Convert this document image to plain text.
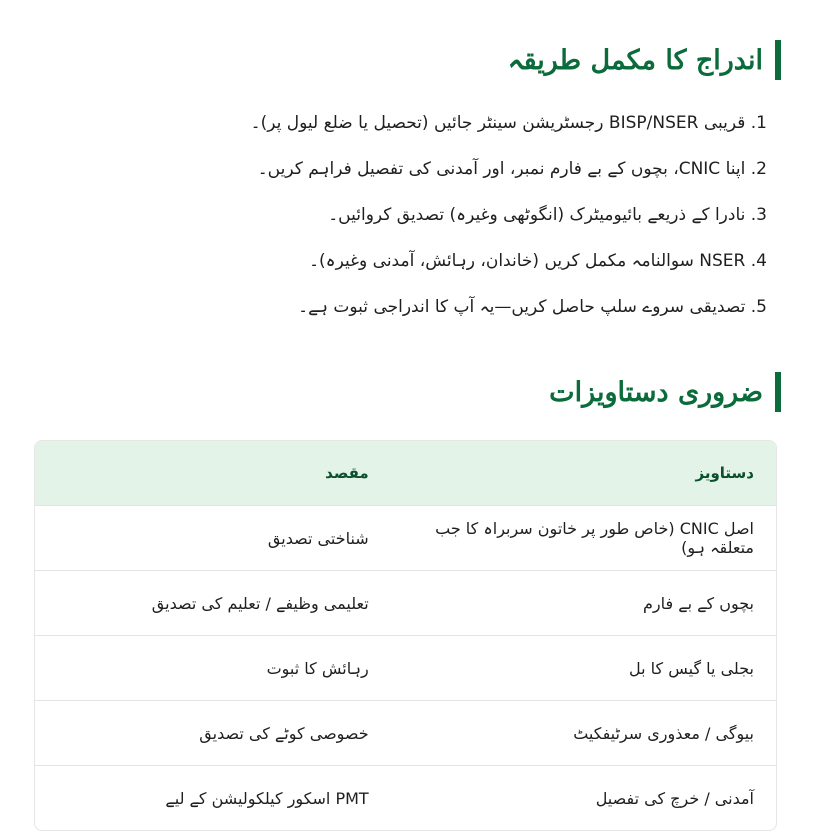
اندراج کا مکمل طریقہ
1. قریبی BISP/NSER رجسٹریشن سینٹر جائیں (تحصیل یا ضلع لیول پر)۔
2. اپنا CNIC، بچوں کے بے فارم نمبر، اور آمدنی کی تفصیل فراہم کریں۔
3. نادرا کے ذریعے بائیومیٹرک (انگوٹھی وغیرہ) تصدیق کروائیں۔
4. NSER سوالنامہ مکمل کریں (خاندان، رہائش، آمدنی وغیرہ)۔
5. تصدیقی سروے سلپ حاصل کریں—یہ آپ کا اندراجی ثبوت ہے۔
ضروری دستاویزات
دستاویز
مقصد
اصل CNIC (خاص طور پر خاتون سربراہ کا جب متعلقہ ہو)
شناختی تصدیق
بچوں کے بے فارم
تعلیمی وظیفے / تعلیم کی تصدیق
بجلی یا گیس کا بل
رہائش کا ثبوت
بیوگی / معذوری سرٹیفکیٹ
خصوصی کوٹے کی تصدیق
آمدنی / خرچ کی تفصیل
PMT اسکور کیلکولیشن کے لیے
